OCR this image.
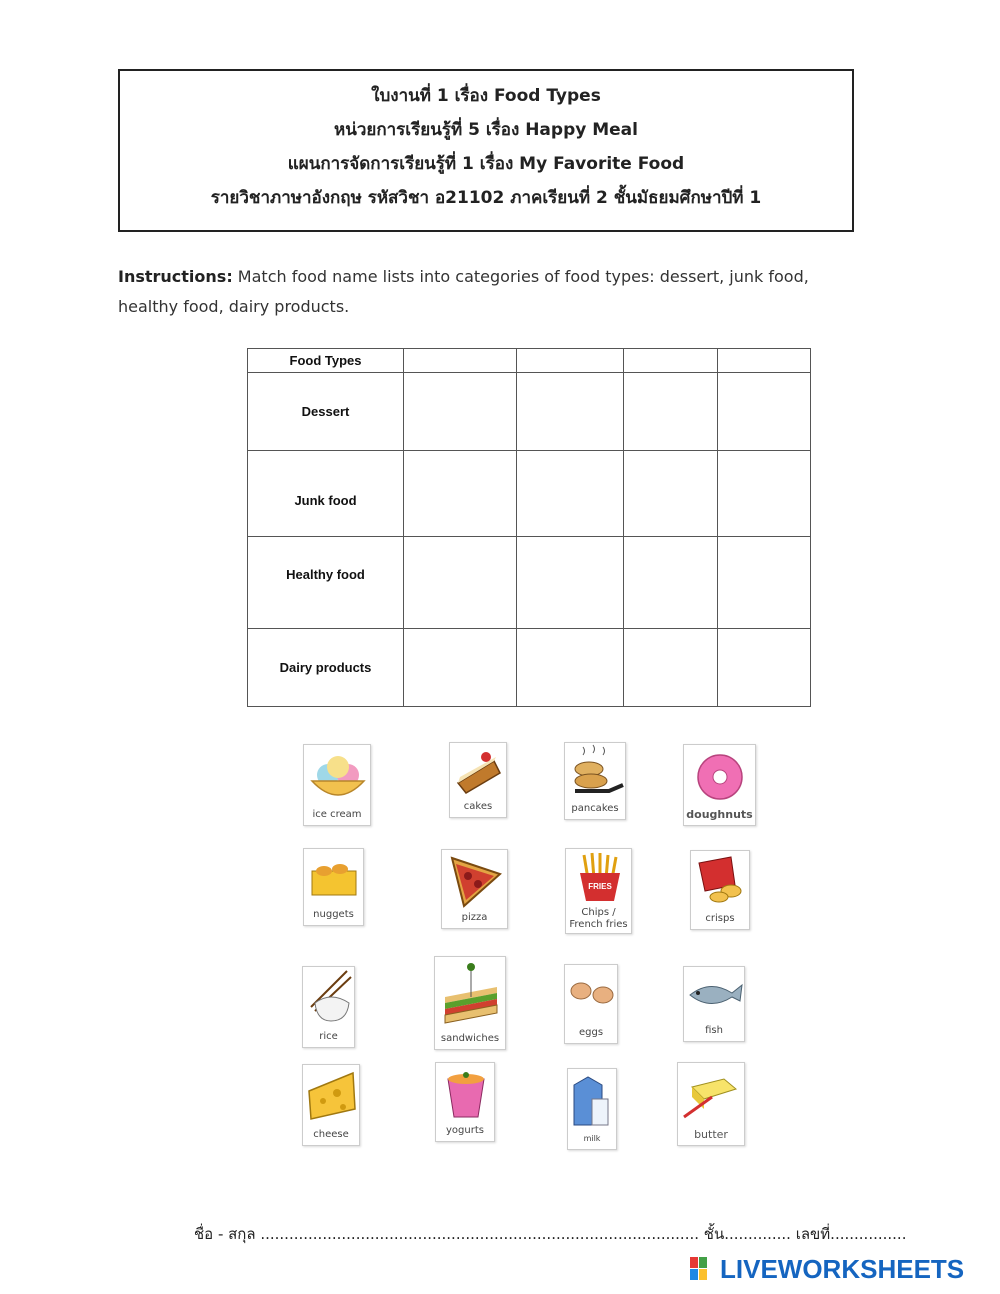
ใบงานที่ 1 เรื่อง Food Types
หน่วยการเรียนรู้ที่ 5 เรื่อง Happy Meal
แผนการจัดการเรียนรู้ที่ 1 เรื่อง My Favorite Food
รายวิชาภาษาอังกฤษ รหัสวิชา อ21102 ภาคเรียนที่ 2 ชั้นมัธยมศึกษาปีที่ 1
Instructions: Match food name lists into categories of food types: dessert, junk food, healthy food, dairy products.
Food Types				
Dessert				
Junk food				
Healthy food				
Dairy products				
ice cream
cakes	pancakes	doughnuts
nuggets	pizza
FRIES
Chips / French fries
crisps
rice	sandwiches
eggs	fish
cheese	yogurts
milk	butter
ชื่อ - สกุล ............................................................................................ ชั้น.............. เลขที่................
LIVEWORKSHEETS
